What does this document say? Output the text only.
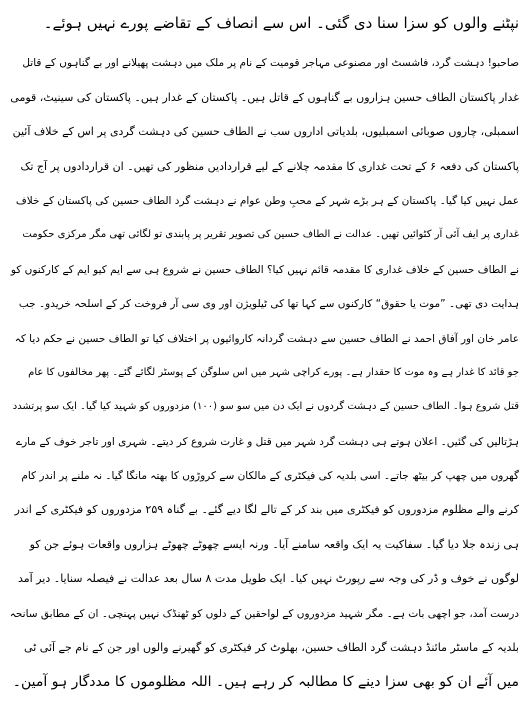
نپٹنے والوں کو سزا سنا دی گئی۔ اس سے انصاف کے تقاضے پورے نہیں ہوئے۔
صاحبو! دہشت گرد، فاشسٹ اور مصنوعی مہاجر قومیت کے نام پر ملک میں دہشت پھیلانے اور بے گناہوں کے قاتل
غدار پاکستان الطاف حسین ہزاروں بے گناہوں کے قاتل ہیں۔ پاکستان کے غدار ہیں۔ پاکستان کی سینیٹ، قومی
اسمبلی، چاروں صوبائی اسمبلیوں، بلدیاتی اداروں سب نے الطاف حسین کی دہشت گردی پر اس کے خلاف آئین
پاکستان کی دفعہ ۶ کے تحت غداری کا مقدمہ چلانے کے لیے قراردادیں منظور کی تھیں۔ ان قراردادوں پر آج تک
عمل نہیں کیا گیا۔ پاکستان کے ہر بڑے شہر کے محبِ وطن عوام نے دہشت گرد الطاف حسین کی پاکستان کے خلاف
غداری پر ایف آئی آر کٹوائیں تھیں۔ عدالت نے الطاف حسین کی تصویر تقریر پر پابندی تو لگائی تھی مگر مرکزی حکومت
نے الطاف حسین کے خلاف غداری کا مقدمہ قائم نہیں کیا؟ الطاف حسین نے شروع ہی سے ایم کیو ایم کے کارکنوں کو
ہدایت دی تھی۔ ”موت یا حقوق“ کارکنوں سے کہا تھا کی ٹیلویژن اور وی سی آر فروخت کر کے اسلحہ خریدو۔ جب
عامر خان اور آفاق احمد نے الطاف حسین سے دہشت گردانہ کاروائیوں پر اختلاف کیا تو الطاف حسین نے حکم دیا کہ
جو قائد کا غدار ہے وہ موت کا حقدار ہے۔ پورے کراچی شہر میں اس سلوگن کے پوسٹر لگائے گئے۔ پھر مخالفوں کا عام
قتل شروع ہوا۔ الطاف حسین کے دہشت گردوں نے ایک دن میں سو سو (۱۰۰) مزدوروں کو شہید کیا گیا۔ ایک سو پرتشدد
ہڑتالیں کی گئیں۔ اعلان ہوتے ہی دہشت گرد شہر میں قتل و غارت شروع کر دیتے۔ شہری اور تاجر خوف کے مارے
گھروں میں چھپ کر بیٹھ جاتے۔ اسی بلدیہ کی فیکٹری کے مالکان سے کروڑوں کا بھتہ مانگا گیا۔ نہ ملنے پر اندر کام
کرنے والے مظلوم مزدوروں کو فیکٹری میں بند کر کے تالے لگا دیے گئے۔ بے گناہ ۲۵۹ مزدوروں کو فیکٹری کے اندر
ہی زندہ جلا دیا گیا۔ سفاکیت یہ ایک واقعہ سامنے آیا۔ ورنہ ایسے چھوٹے چھوٹے ہزاروں واقعات ہوئے جن کو
لوگوں نے خوف و ڈر کی وجہ سے رپورٹ نہیں کیا۔ ایک طویل مدت ۸ سال بعد عدالت نے فیصلہ سنایا۔ دیر آمد
درست آمد، جو اچھی بات ہے۔ مگر شہید مزدوروں کے لواحقین کے دلوں کو ٹھنڈک نہیں پہنچی۔ ان کے مطابق سانحہ
بلدیہ کے ماسٹر مائنڈ دہشت گرد الطاف حسین، بھلوٹ کر فیکٹری کو گھیرنے والوں اور جن کے نام جے آئی ٹی
میں آئے ان کو بھی سزا دینے کا مطالبہ کر رہے ہیں۔ اللہ مظلوموں کا مددگار ہو آمین۔
